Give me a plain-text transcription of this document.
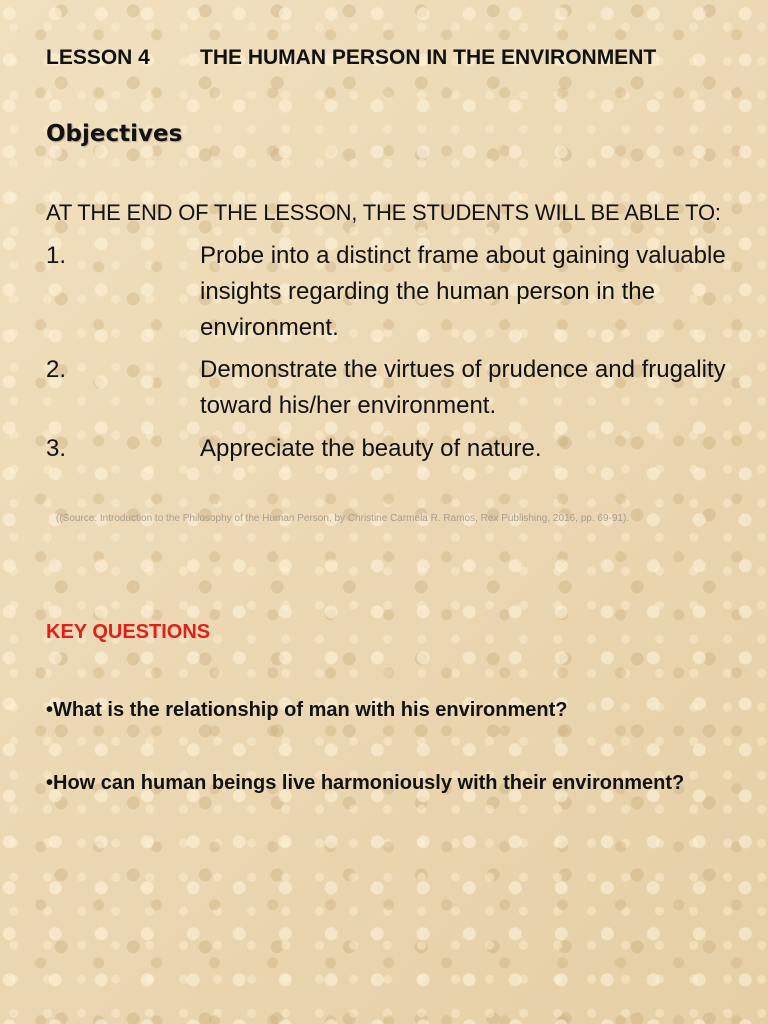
LESSON 4 THE HUMAN PERSON IN THE ENVIRONMENT
Objectives
AT THE END OF THE LESSON, THE STUDENTS WILL BE ABLE TO:
1.	Probe into a distinct frame about gaining valuable insights regarding the human person in the environment.
2.	Demonstrate the virtues of prudence and frugality toward his/her environment.
3.	Appreciate the beauty of nature.
((Source: Introduction to the Philosophy of the Human Person, by Christine Carmela R. Ramos, Rex Publishing, 2016, pp. 69-91).
KEY QUESTIONS
•What is the relationship of man with his environment?
•How can human beings live harmoniously with their environment?
